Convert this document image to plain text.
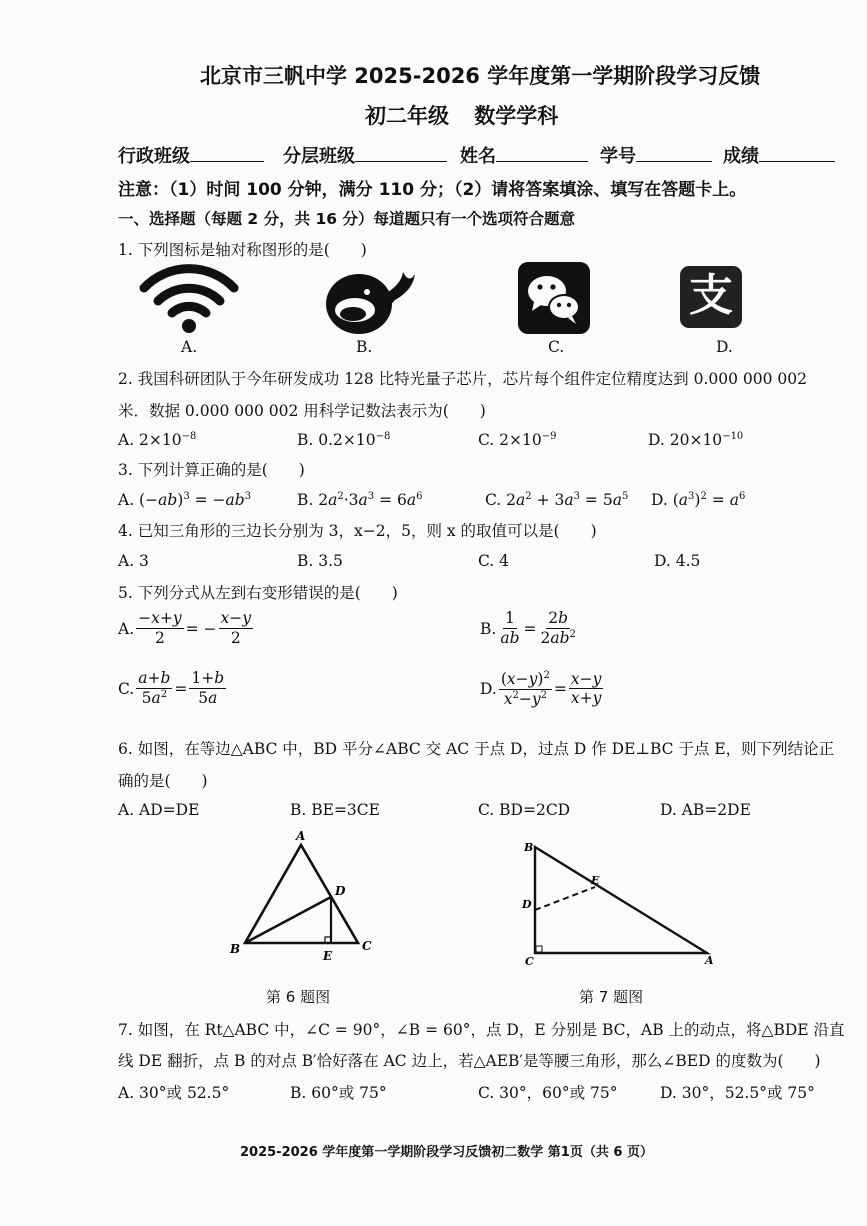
北京市三帆中学 2025-2026 学年度第一学期阶段学习反馈
初二年级 数学学科
行政班级	分层班级	姓名	学号	成绩
注意：（1）时间 100 分钟，满分 110 分；（2）请将答案填涂、填写在答题卡上。
一、选择题（每题 2 分，共 16 分）每道题只有一个选项符合题意
1. 下列图标是轴对称图形的是(　　)
A.	B.	C.
支
D.
2. 我国科研团队于今年研发成功 128 比特光量子芯片，芯片每个组件定位精度达到 0.000 000 002
米．数据 0.000 000 002 用科学记数法表示为(　　)
A. $2\times 10^{-8}$	B. $0.2\times 10^{-8}$	C. $2\times 10^{-9}$	D. $20\times 10^{-10}$
3. 下列计算正确的是(　　)
A. $(-ab)^3 = -ab^3$	B. $2a^2\cdot 3a^3 = 6a^6$	C. $2a^2 + 3a^3 = 5a^5$ D. $(a^3)^2 = a^6$
4. 已知三角形的三边长分别为 3，x−2，5，则 x 的取值可以是(　　)
A. 3	B. 3.5	C. 4	D. 4.5
5. 下列分式从左到右变形错误的是(　　)
A. $\frac{-x+y}{2}$ = − $\frac{x-y}{2}$	B. $\frac{1}{ab} = \frac{2b}{2ab^2}$
C. $\frac{a+b}{5a^2} = \frac{1+b}{5a}$	D. $\frac{(x-y)^2}{x^2-y^2} = \frac{x-y}{x+y}$
6. 如图，在等边△ABC 中，BD 平分∠ABC 交 AC 于点 D，过点 D 作 DE⊥BC 于点 E，则下列结论正
确的是(　　)
A. AD=DE	B. BE=3CE	C. BD=2CD	D. AB=2DE
A
B	C
D
E
第 6 题图
B
D
E
C	A
第 7 题图
7. 如图，在 Rt△ABC 中，∠C = 90°，∠B = 60°，点 D，E 分别是 BC，AB 上的动点，将△BDE 沿直
线 DE 翻折，点 B 的对点 B′恰好落在 AC 边上，若△AEB′是等腰三角形，那么∠BED 的度数为(　　)
A. 30°或 52.5°	B. 60°或 75°	C. 30°，60°或 75°	D. 30°，52.5°或 75°
2025-2026 学年度第一学期阶段学习反馈初二数学 第1页（共 6 页）
